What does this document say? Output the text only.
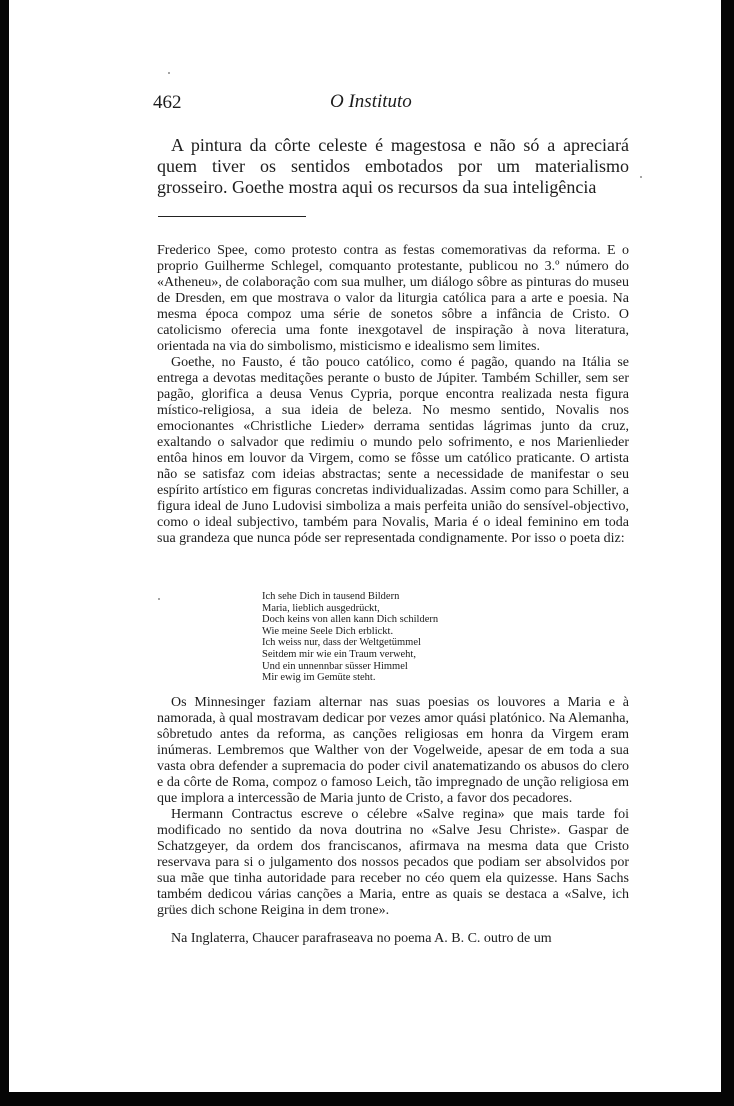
462	O Instituto
A pintura da côrte celeste é magestosa e não só a apreciará quem tiver os sentidos embotados por um materialismo grosseiro. Goethe mostra aqui os recursos da sua inteligência

Frederico Spee, como protesto contra as festas comemorativas da reforma. E o proprio Guilherme Schlegel, comquanto protestante, publicou no 3.º número do «Atheneu», de colaboração com sua mulher, um diálogo sôbre as pinturas do museu de Dresden, em que mostrava o valor da liturgia católica para a arte e poesia. Na mesma época compoz uma série de sonetos sôbre a infância de Cristo. O catolicismo oferecia uma fonte inexgotavel de inspiração à nova literatura, orientada na via do simbolismo, misticismo e idealismo sem limites.

Goethe, no Fausto, é tão pouco católico, como é pagão, quando na Itália se entrega a devotas meditações perante o busto de Júpiter. Também Schiller, sem ser pagão, glorifica a deusa Venus Cypria, porque encontra realizada nesta figura místico-religiosa, a sua ideia de beleza. No mesmo sentido, Novalis nos emocionantes «Christliche Lieder» derrama sentidas lágrimas junto da cruz, exaltando o salvador que redimiu o mundo pelo sofrimento, e nos Marienlieder entôa hinos em louvor da Virgem, como se fôsse um católico praticante. O artista não se satisfaz com ideias abstractas; sente a necessidade de manifestar o seu espírito artístico em figuras concretas individualizadas. Assim como para Schiller, a figura ideal de Juno Ludovisi simboliza a mais perfeita união do sensível-objectivo, como o ideal subjectivo, também para Novalis, Maria é o ideal feminino em toda sua grandeza que nunca póde ser representada condignamente. Por isso o poeta diz:

Ich sehe Dich in tausend Bildern
Maria, lieblich ausgedrückt,
Doch keins von allen kann Dich schildern
Wie meine Seele Dich erblickt.
Ich weiss nur, dass der Weltgetümmel
Seitdem mir wie ein Traum verweht,
Und ein unnennbar süsser Himmel
Mir ewig im Gemüte steht.

Os Minnesinger faziam alternar nas suas poesias os louvores a Maria e à namorada, à qual mostravam dedicar por vezes amor quási platónico. Na Alemanha, sôbretudo antes da reforma, as canções religiosas em honra da Virgem eram inúmeras. Lembremos que Walther von der Vogelweide, apesar de em toda a sua vasta obra defender a supremacia do poder civil anatematizando os abusos do clero e da côrte de Roma, compoz o famoso Leich, tão impregnado de unção religiosa em que implora a intercessão de Maria junto de Cristo, a favor dos pecadores.

Hermann Contractus escreve o célebre «Salve regina» que mais tarde foi modificado no sentido da nova doutrina no «Salve Jesu Christe». Gaspar de Schatzgeyer, da ordem dos franciscanos, afirmava na mesma data que Cristo reservava para si o julgamento dos nossos pecados que podiam ser absolvidos por sua mãe que tinha autoridade para receber no céo quem ela quizesse. Hans Sachs também dedicou várias canções a Maria, entre as quais se destaca a «Salve, ich grües dich schone Reigina in dem trone».

Na Inglaterra, Chaucer parafraseava no poema A. B. C. outro de um
